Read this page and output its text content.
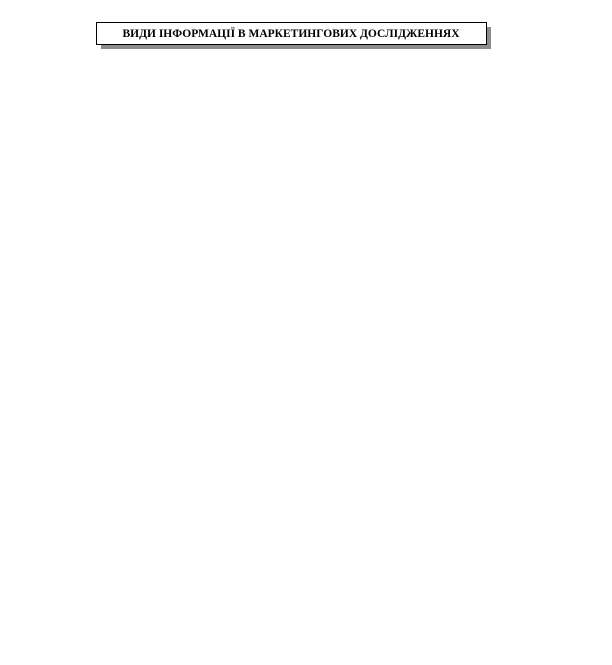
ВИДИ ІНФОРМАЦІЇ В МАРКЕТИНГОВИХ ДОСЛІДЖЕННЯХ
